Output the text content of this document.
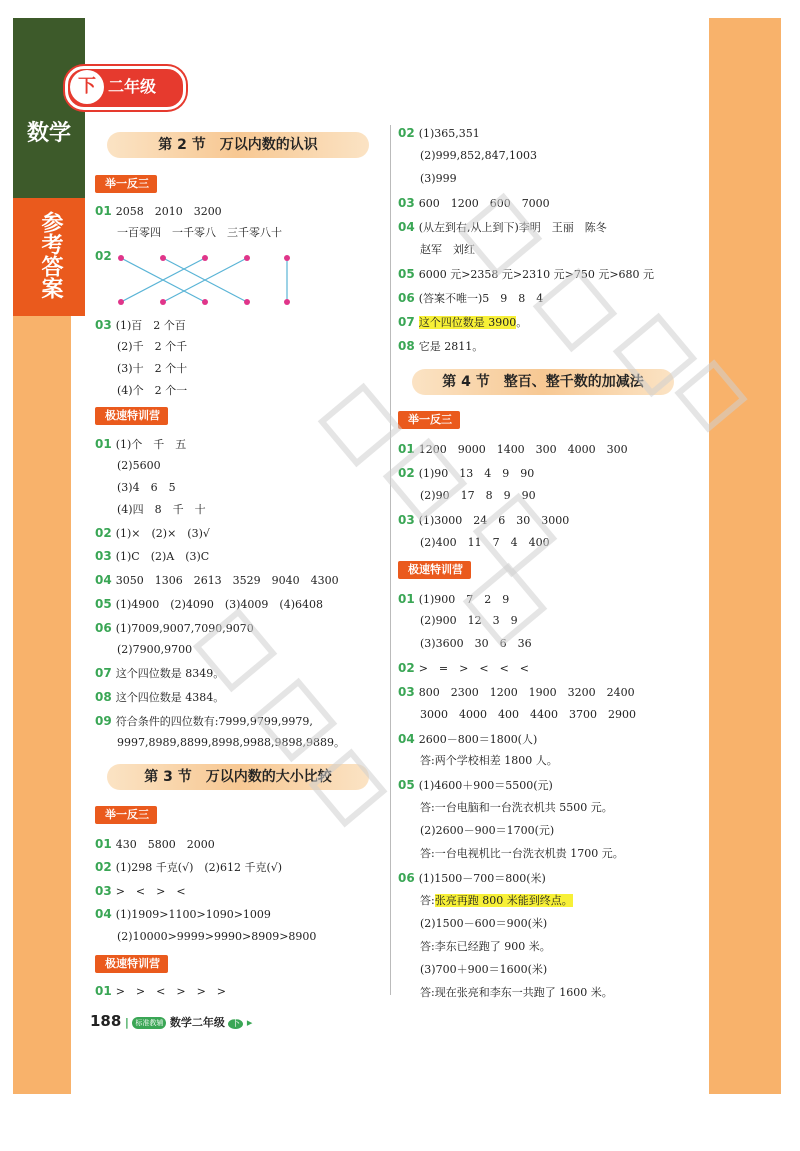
数学
参考答案
下 二年级
第 2 节　万以内数的认识
举一反三
01 2058　2010　3200
一百零四　一千零八　三千零八十
02
03 (1)百　2 个百
(2)千　2 个千
(3)十　2 个十
(4)个　2 个一
极速特训营
01 (1)个　千　五
(2)5600
(3)4　6　5
(4)四　8　千　十
02 (1)×　(2)×　(3)√
03 (1)C　(2)A　(3)C
04 3050　1306　2613　3529　9040　4300
05 (1)4900　(2)4090　(3)4009　(4)6408
06 (1)7009,9007,7090,9070
(2)7900,9700
07 这个四位数是 8349。
08 这个四位数是 4384。
09 符合条件的四位数有:7999,9799,9979,
9997,8989,8899,8998,9988,9898,9889。
第 3 节　万以内数的大小比较
举一反三
01 430　5800　2000
02 (1)298 千克(√)　(2)612 千克(√)
03 >　<　>　<
04 (1)1909>1100>1090>1009
(2)10000>9999>9990>8909>8900
极速特训营
01 >　>　<　>　>　>
02 (1)365,351
(2)999,852,847,1003
(3)999
03 600　1200　600　7000
04 (从左到右,从上到下)李明　王丽　陈冬
赵军　刘红
05 6000 元>2358 元>2310 元>750 元>680 元
06 (答案不唯一)5　9　8　4
07 这个四位数是 3900。
08 它是 2811。
第 4 节　整百、整千数的加减法
举一反三
01 1200　9000　1400　300　4000　300
02 (1)90　13　4　9　90
(2)90　17　8　9　90
03 (1)3000　24　6　30　3000
(2)400　11　7　4　400
极速特训营
01 (1)900　7　2　9
(2)900　12　3　9
(3)3600　30　6　36
02 >　=　>　<　<　<
03 800　2300　1200　1900　3200　2400
3000　4000　400　4400　3700　2900
04 2600－800＝1800(人)
答:两个学校相差 1800 人。
05 (1)4600＋900＝5500(元)
答:一台电脑和一台洗衣机共 5500 元。
(2)2600－900＝1700(元)
答:一台电视机比一台洗衣机贵 1700 元。
06 (1)1500－700＝800(米)
答:张亮再跑 800 米能到终点。
(2)1500－600＝900(米)
答:李东已经跑了 900 米。
(3)700＋900＝1600(米)
答:现在张亮和李东一共跑了 1600 米。
188 | 标准教辅 数学二年级 下 ▸
